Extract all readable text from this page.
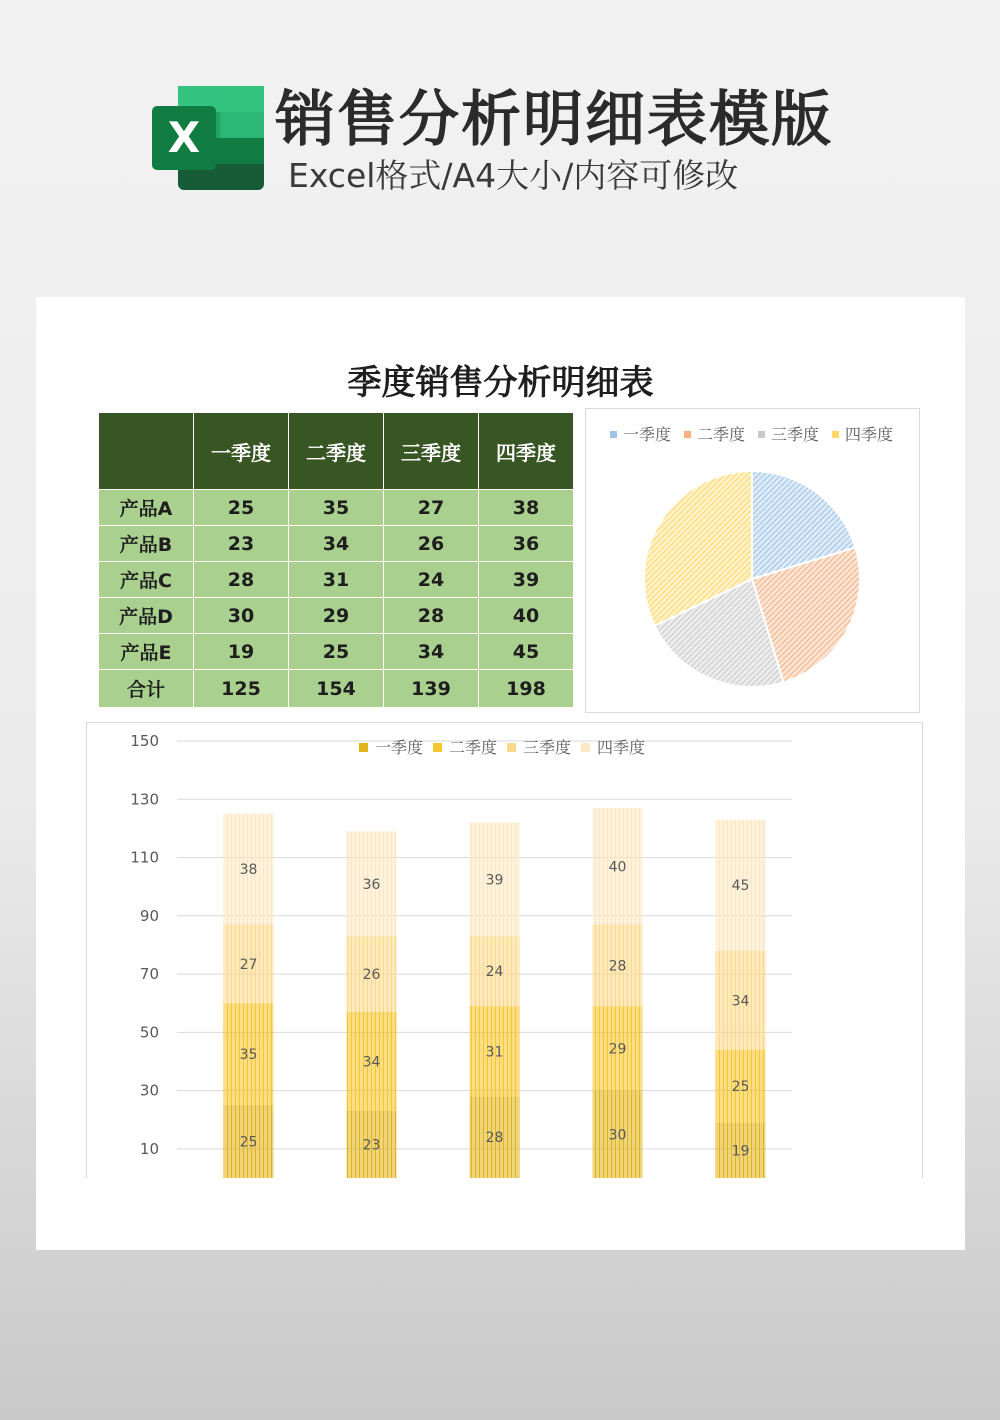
X 销售分析明细表模版
Excel格式/A4大小/内容可修改
季度销售分析明细表
	一季度	二季度	三季度	四季度
产品A	25	35	27	38
产品B	23	34	26	36
产品C	28	31	24	39
产品D	30	29	28	40
产品E	19	25	34	45
合计	125	154	139	198
一季度 二季度 三季度 四季度
10
30
50
70
90
110
130
150	一季度 二季度 三季度 四季度
25
35
27
38
23
34
26
36
28
31
24
39
30
29
28
40
19
25
34
45
